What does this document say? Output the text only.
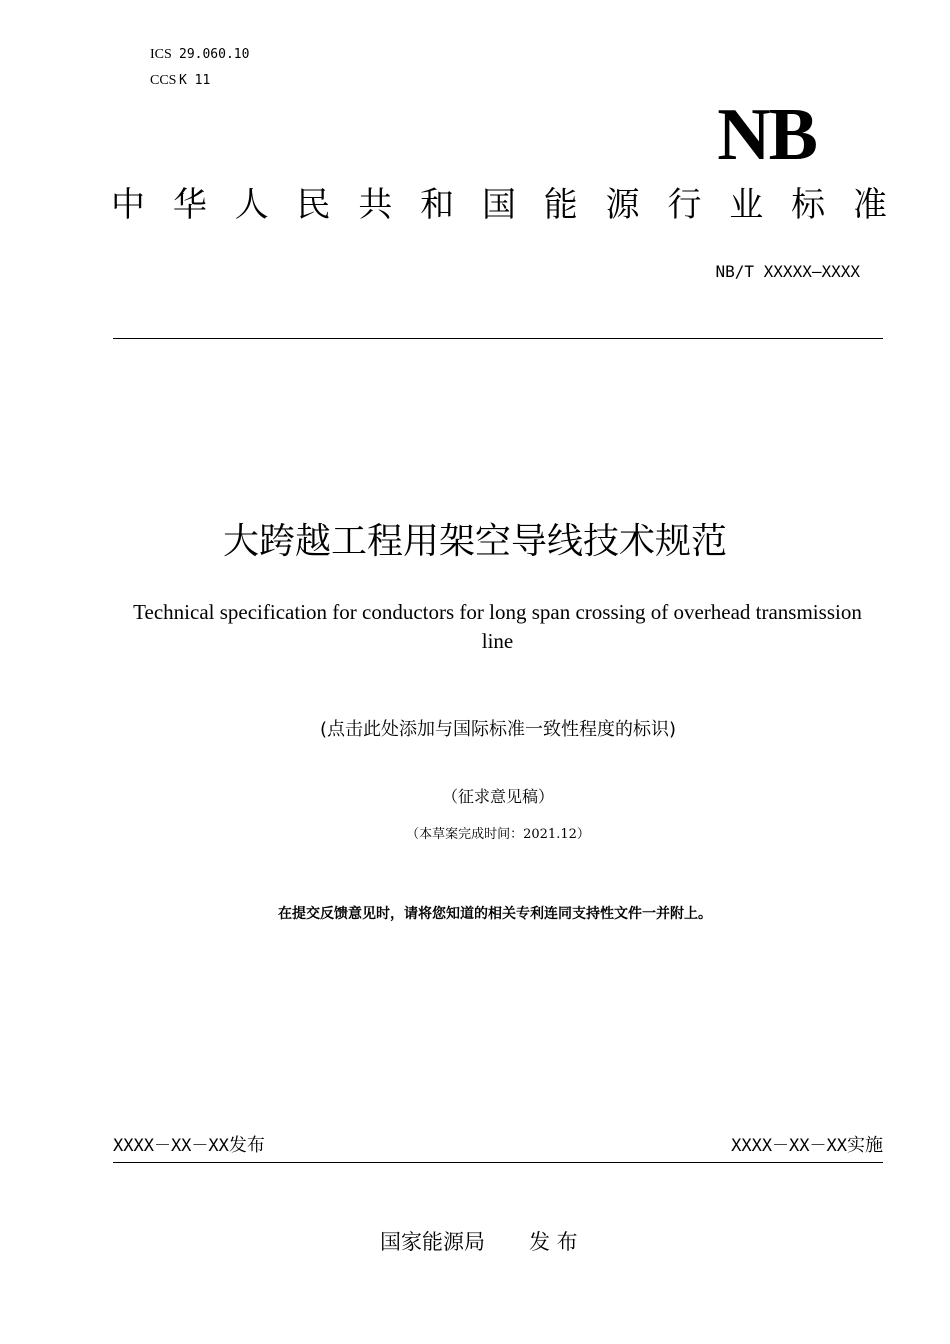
ICS 29.060.10
CCS K 11
NB
中 华 人 民 共 和 国 能 源 行 业 标 准
NB/T XXXXX—XXXX
大跨越工程用架空导线技术规范
Technical specification for conductors for long span crossing of overhead transmission line
(点击此处添加与国际标准一致性程度的标识)
（征求意见稿）
（本草案完成时间：2021.12）
在提交反馈意见时，请将您知道的相关专利连同支持性文件一并附上。
XXXX－XX－XX发布	XXXX－XX－XX实施
国家能源局 发 布
